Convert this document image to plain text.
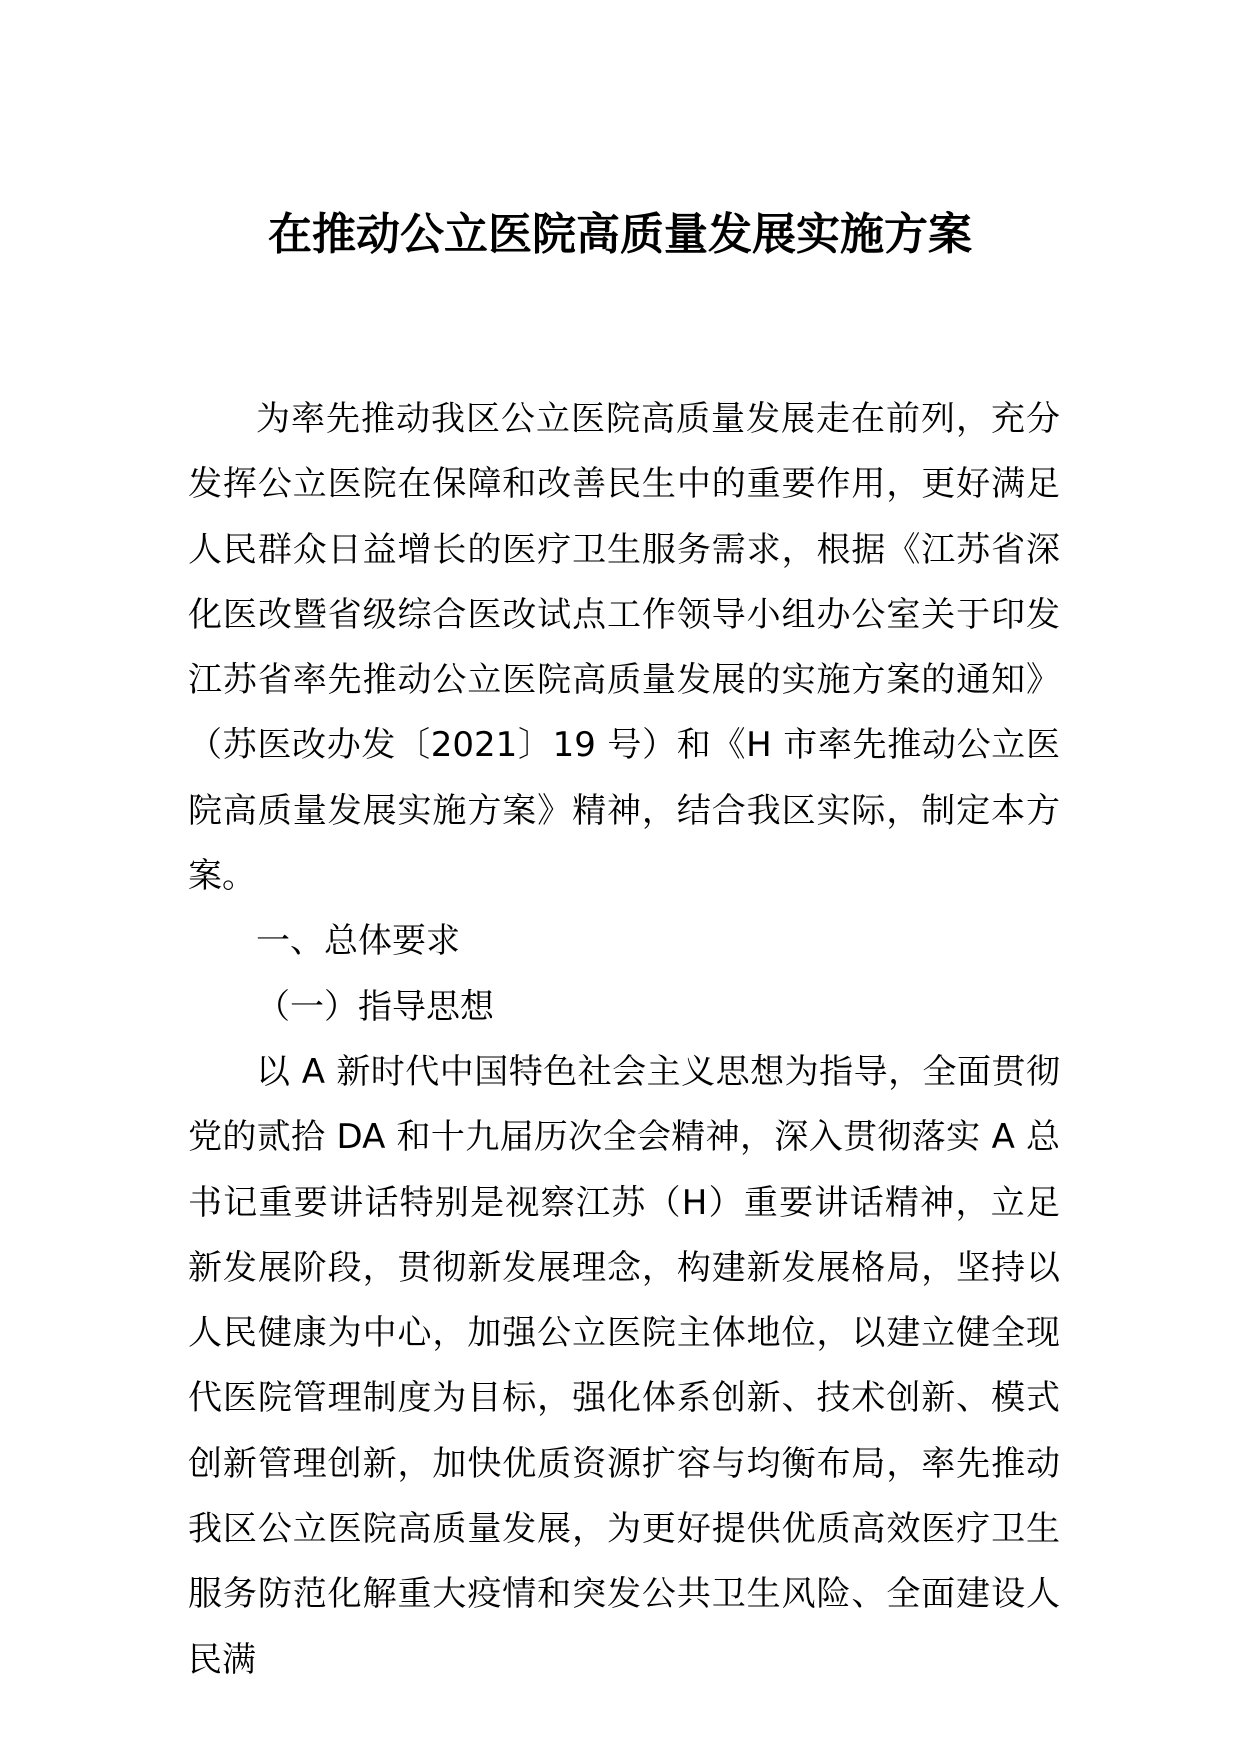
在推动公立医院高质量发展实施方案

为率先推动我区公立医院高质量发展走在前列，充分发挥公立医院在保障和改善民生中的重要作用，更好满足人民群众日益增长的医疗卫生服务需求，根据《江苏省深化医改暨省级综合医改试点工作领导小组办公室关于印发江苏省率先推动公立医院高质量发展的实施方案的通知》（苏医改办发〔2021〕19 号）和《H 市率先推动公立医院高质量发展实施方案》精神，结合我区实际，制定本方案。

一、总体要求

（一）指导思想

以 A 新时代中国特色社会主义思想为指导，全面贯彻党的贰拾 DA 和十九届历次全会精神，深入贯彻落实 A 总书记重要讲话特别是视察江苏（H）重要讲话精神，立足新发展阶段，贯彻新发展理念，构建新发展格局，坚持以人民健康为中心，加强公立医院主体地位，以建立健全现代医院管理制度为目标，强化体系创新、技术创新、模式创新管理创新，加快优质资源扩容与均衡布局，率先推动我区公立医院高质量发展，为更好提供优质高效医疗卫生服务防范化解重大疫情和突发公共卫生风险、全面建设人民满
